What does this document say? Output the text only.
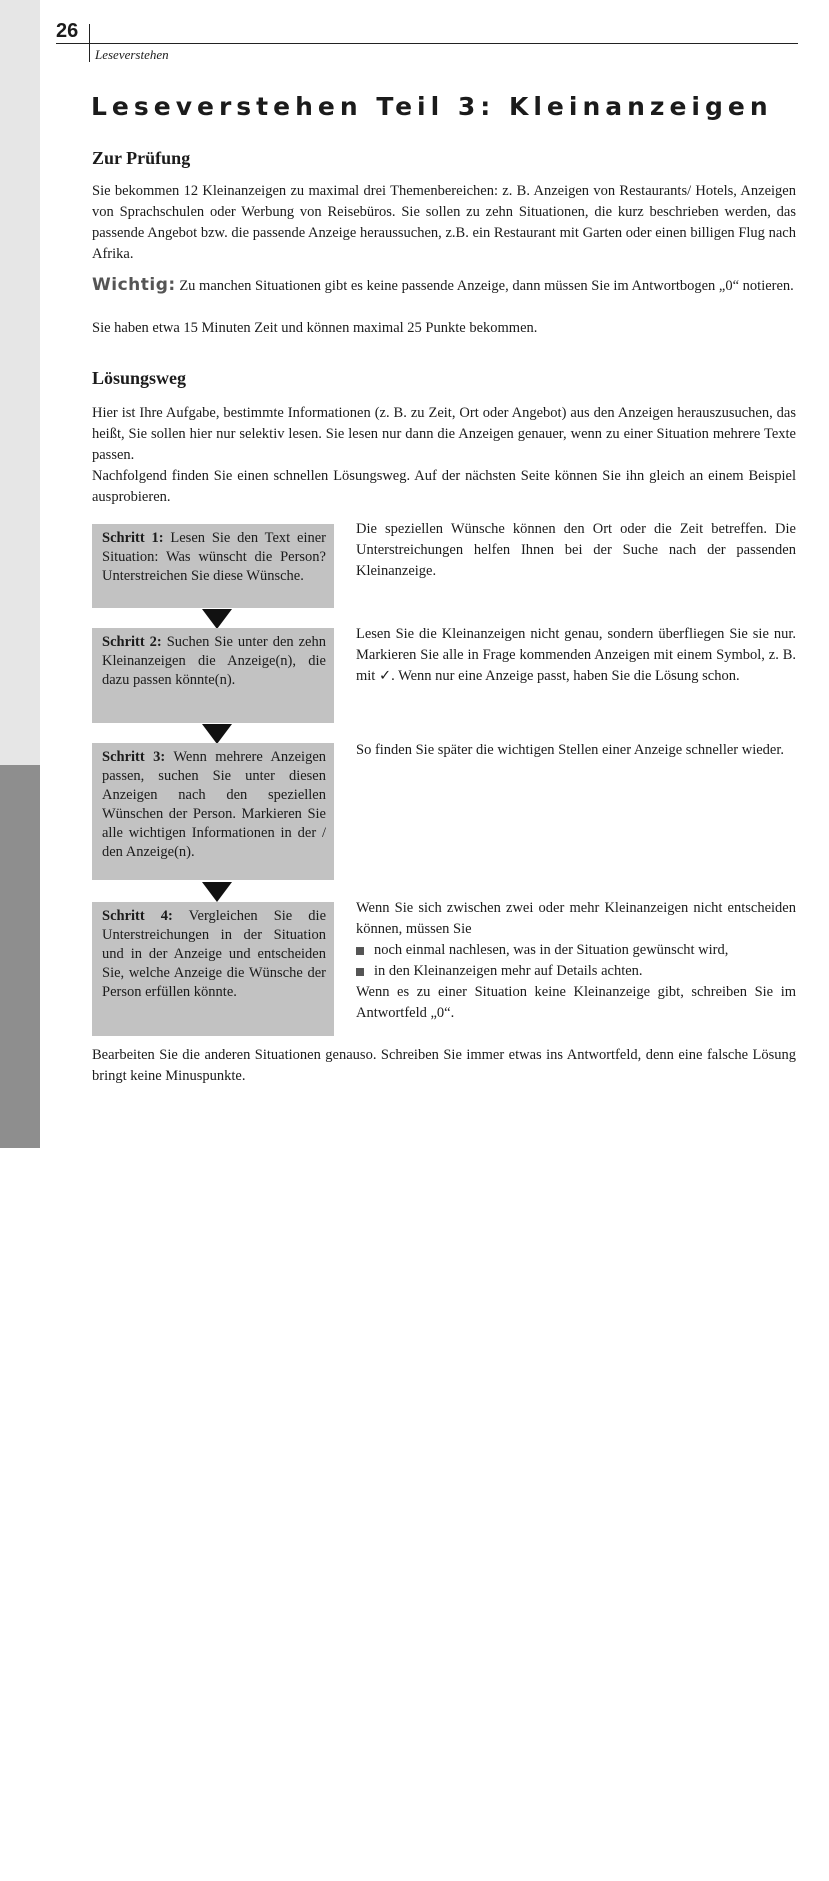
Leseverstehen Teil 3: Kleinanzeigen
26
Leseverstehen
Leseverstehen Teil 3: Kleinanzeigen
Zur Prüfung

Sie bekommen 12 Kleinanzeigen zu maximal drei Themenbereichen: z. B. Anzeigen von Restaurants/ Hotels, Anzeigen von Sprachschulen oder Werbung von Reisebüros. Sie sollen zu zehn Situationen, die kurz beschrieben werden, das passende Angebot bzw. die passende Anzeige heraussuchen, z.B. ein Restaurant mit Garten oder einen billigen Flug nach Afrika.

Wichtig: Zu manchen Situationen gibt es keine passende Anzeige, dann müssen Sie im Antwortbogen „0“ notieren.

Sie haben etwa 15 Minuten Zeit und können maximal 25 Punkte bekommen.

Lösungsweg

Hier ist Ihre Aufgabe, bestimmte Informationen (z. B. zu Zeit, Ort oder Angebot) aus den Anzeigen herauszusuchen, das heißt, Sie sollen hier nur selektiv lesen. Sie lesen nur dann die Anzeigen genauer, wenn zu einer Situation mehrere Texte passen.

Nachfolgend finden Sie einen schnellen Lösungsweg. Auf der nächsten Seite können Sie ihn gleich an einem Beispiel ausprobieren.

Schritt 1: Lesen Sie den Text einer Situation: Was wünscht die Person? Unterstreichen Sie diese Wünsche.

Die speziellen Wünsche können den Ort oder die Zeit betreffen. Die Unterstreichungen helfen Ihnen bei der Suche nach der passenden Kleinanzeige.

Schritt 2: Suchen Sie unter den zehn Kleinanzeigen die Anzeige(n), die dazu passen könnte(n).

Lesen Sie die Kleinanzeigen nicht genau, sondern überfliegen Sie sie nur. Markieren Sie alle in Frage kommenden Anzeigen mit einem Symbol, z. B. mit ✓. Wenn nur eine Anzeige passt, haben Sie die Lösung schon.

Schritt 3: Wenn mehrere Anzeigen passen, suchen Sie unter diesen Anzeigen nach den speziellen Wünschen der Person. Markieren Sie alle wichtigen Informationen in der / den Anzeige(n).

So finden Sie später die wichtigen Stellen einer Anzeige schneller wieder.

Schritt 4: Vergleichen Sie die Unterstreichungen in der Situation und in der Anzeige und entscheiden Sie, welche Anzeige die Wünsche der Person erfüllen könnte.
Wenn Sie sich zwischen zwei oder mehr Kleinanzeigen nicht entscheiden können, müssen Sie
noch einmal nachlesen, was in der Situation gewünscht wird,
in den Kleinanzeigen mehr auf Details achten.
Wenn es zu einer Situation keine Kleinanzeige gibt, schreiben Sie im Antwortfeld „0“.

Bearbeiten Sie die anderen Situationen genauso. Schreiben Sie immer etwas ins Antwortfeld, denn eine falsche Lösung bringt keine Minuspunkte.
